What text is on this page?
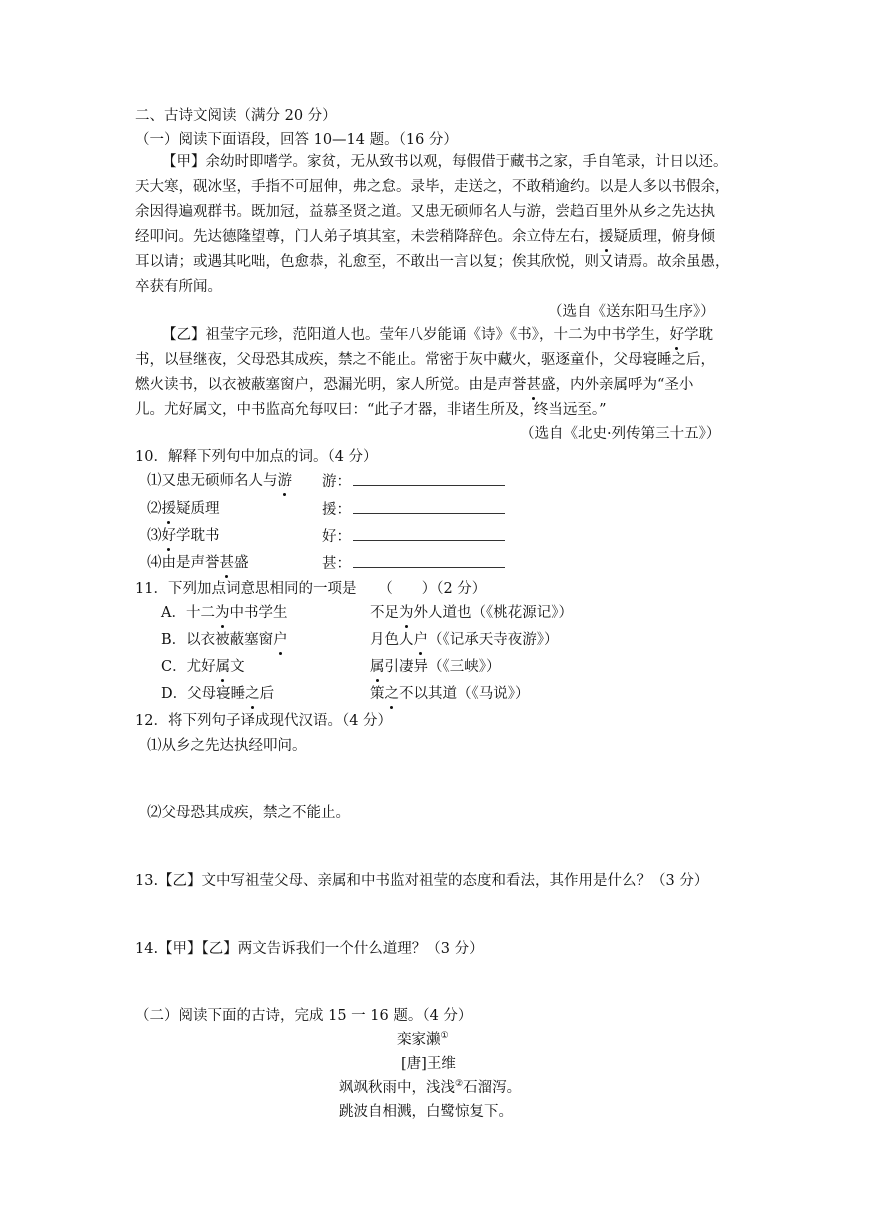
二、古诗文阅读（满分 20 分）
（一）阅读下面语段，回答 10—14 题。（16 分）
【甲】余幼时即嗜学。家贫，无从致书以观，每假借于藏书之家，手自笔录，计日以还。
天大寒，砚冰坚，手指不可屈伸，弗之怠。录毕，走送之，不敢稍逾约。以是人多以书假余，
余因得遍观群书。既加冠，益慕圣贤之道。又患无硕师名人与游，尝趋百里外从乡之先达执
经叩问。先达德隆望尊，门人弟子填其室，未尝稍降辞色。余立侍左右，援疑质理，俯身倾
耳以请；或遇其叱咄，色愈恭，礼愈至，不敢出一言以复；俟其欣悦，则又请焉。故余虽愚，
卒获有所闻。
（选自《送东阳马生序》）
【乙】祖莹字元珍，范阳道人也。莹年八岁能诵《诗》《书》，十二为中书学生，好学耽
书，以昼继夜，父母恐其成疾，禁之不能止。常密于灰中藏火，驱逐童仆，父母寝睡之后，
燃火读书，以衣被蔽塞窗户，恐漏光明，家人所觉。由是声誉甚盛，内外亲属呼为“圣小
儿。尤好属文，中书监高允每叹曰：“此子才器，非诸生所及，终当远至。”
（选自《北史·列传第三十五》）
10．解释下列句中加点的词。（4 分）
⑴又患无硕师名人与游 游：
⑵援疑质理	援：
⑶好学耽书	好：
⑷由是声誉甚盛	甚：
11．下列加点词意思相同的一项是　　（　　）（2 分）
A．十二为中书学生	不足为外人道也（《桃花源记》）
B．以衣被蔽塞窗户	月色人户（《记承天寺夜游》）
C．尤好属文	属引凄异（《三峡》）
D．父母寝睡之后	策之不以其道（《马说》）
12．将下列句子译成现代汉语。（4 分）
⑴从乡之先达执经叩问。
⑵父母恐其成疾，禁之不能止。
13.【乙】文中写祖莹父母、亲属和中书监对祖莹的态度和看法，其作用是什么？（3 分）
14.【甲】【乙】两文告诉我们一个什么道理？（3 分）
（二）阅读下面的古诗，完成 15 一 16 题。（4 分）
栾家濑①
[唐]王维
飒飒秋雨中，浅浅②石溜泻。
跳波自相溅，白鹭惊复下。
